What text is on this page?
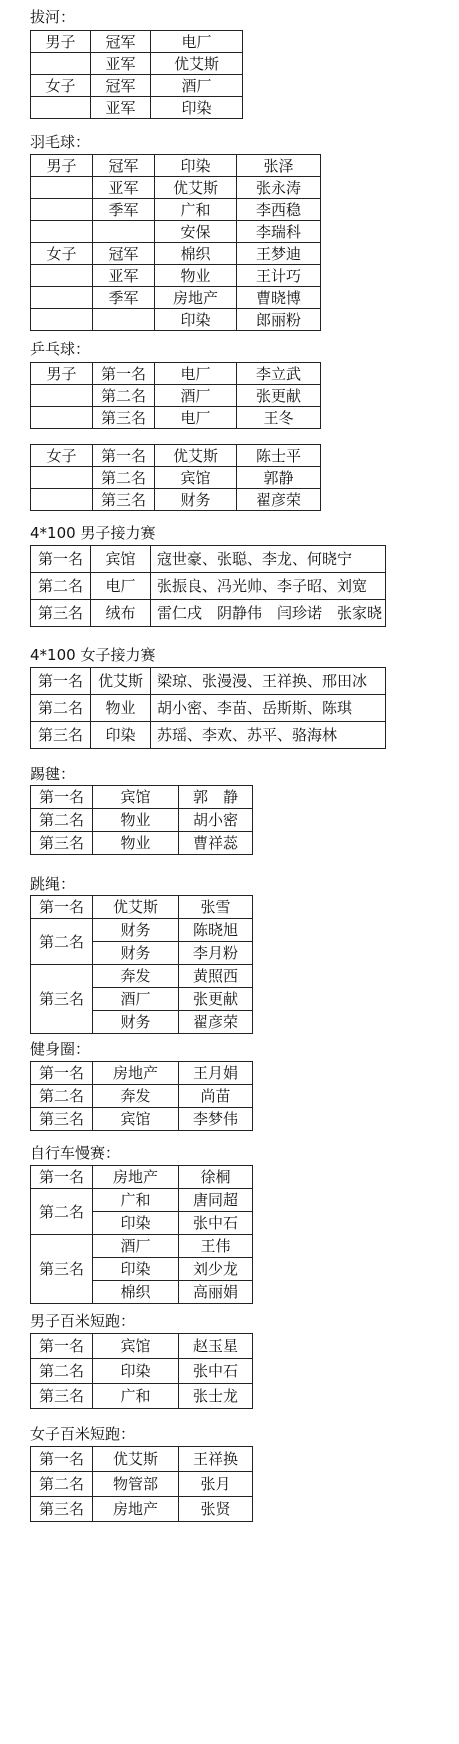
拔河：
男子	冠军	电厂
	亚军	优艾斯
女子	冠军	酒厂
	亚军	印染
羽毛球：
男子	冠军	印染	张泽
	亚军	优艾斯	张永涛
	季军	广和	李西稳
		安保	李瑞科
女子	冠军	棉织	王梦迪
	亚军	物业	王计巧
	季军	房地产	曹晓博
		印染	郎丽粉
乒乓球：
男子	第一名	电厂	李立武
	第二名	酒厂	张更献
	第三名	电厂	王冬
女子	第一名	优艾斯	陈士平
	第二名	宾馆	郭静
	第三名	财务	翟彦荣
4*100 男子接力赛
第一名	宾馆	寇世豪、张聪、李龙、何晓宁
第二名	电厂	张振良、冯光帅、李子昭、刘宽
第三名	绒布	雷仁戌　阴静伟　闫珍诺　张家晓
4*100 女子接力赛
第一名	优艾斯	梁琼、张漫漫、王祥换、邢田冰
第二名	物业	胡小密、李苗、岳斯斯、陈琪
第三名	印染	苏瑶、李欢、苏平、骆海林
踢毽：
第一名	宾馆	郭　静
第二名	物业	胡小密
第三名	物业	曹祥蕊
跳绳：
第一名	优艾斯	张雪
第二名	财务	陈晓旭
	财务	李月粉
第三名	奔发	黄照西
	酒厂	张更献
	财务	翟彦荣
健身圈：
第一名	房地产	王月娟
第二名	奔发	尚苗
第三名	宾馆	李梦伟
自行车慢赛：
第一名	房地产	徐桐
第二名	广和	唐同超
	印染	张中石
第三名	酒厂	王伟
	印染	刘少龙
	棉织	高丽娟
男子百米短跑：
第一名	宾馆	赵玉星
第二名	印染	张中石
第三名	广和	张士龙
女子百米短跑：
第一名	优艾斯	王祥换
第二名	物管部	张月
第三名	房地产	张贤
